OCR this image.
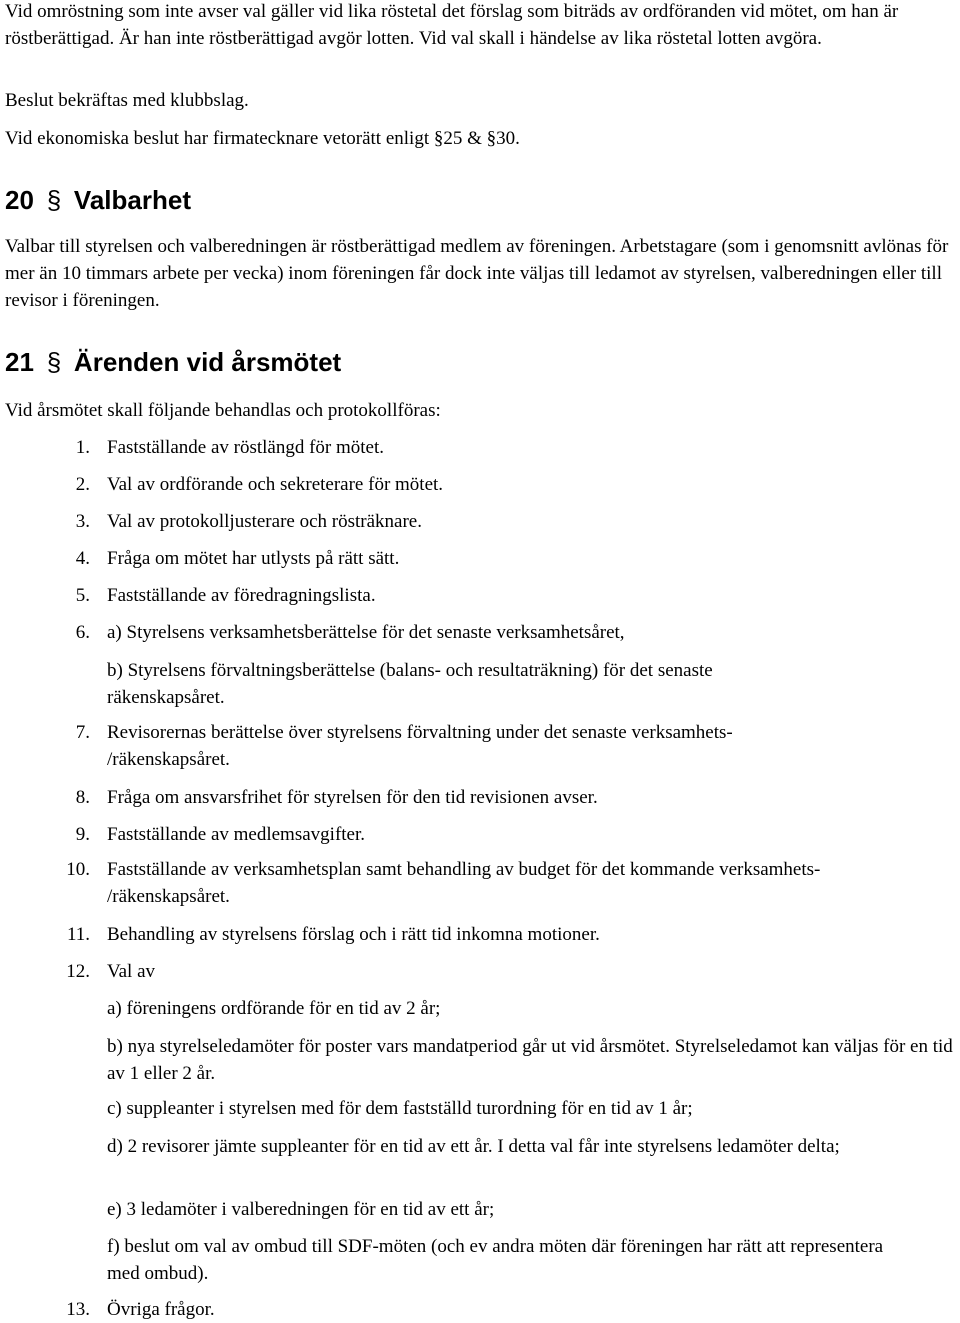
Vid omröstning som inte avser val gäller vid lika röstetal det förslag som biträds av ordföranden vid mötet, om han är röstberättigad. Är han inte röstberättigad avgör lotten. Vid val skall i händelse av lika röstetal lotten avgöra.

Beslut bekräftas med klubbslag.

Vid ekonomiska beslut har firmatecknare vetorätt enligt §25 & §30.

20 § Valbarhet

Valbar till styrelsen och valberedningen är röstberättigad medlem av föreningen. Arbetstagare (som i genomsnitt avlönas för mer än 10 timmars arbete per vecka) inom föreningen får dock inte väljas till ledamot av styrelsen, valberedningen eller till revisor i föreningen.

21 § Ärenden vid årsmötet

Vid årsmötet skall följande behandlas och protokollföras:

1. Fastställande av röstlängd för mötet.
2. Val av ordförande och sekreterare för mötet.
3. Val av protokolljusterare och rösträknare.
4. Fråga om mötet har utlysts på rätt sätt.
5. Fastställande av föredragningslista.
6. a) Styrelsens verksamhetsberättelse för det senaste verksamhetsåret,
b) Styrelsens förvaltningsberättelse (balans- och resultaträkning) för det senaste räkenskapsåret.
7. Revisorernas berättelse över styrelsens förvaltning under det senaste verksamhets- /räkenskapsåret.
8. Fråga om ansvarsfrihet för styrelsen för den tid revisionen avser.
9. Fastställande av medlemsavgifter.
10. Fastställande av verksamhetsplan samt behandling av budget för det kommande verksamhets- /räkenskapsåret.
11. Behandling av styrelsens förslag och i rätt tid inkomna motioner.
12. Val av
a) föreningens ordförande för en tid av 2 år;
b) nya styrelseledamöter för poster vars mandatperiod går ut vid årsmötet. Styrelseledamot kan väljas för en tid av 1 eller 2 år.
c) suppleanter i styrelsen med för dem fastställd turordning för en tid av 1 år;
d) 2 revisorer jämte suppleanter för en tid av ett år. I detta val får inte styrelsens ledamöter delta;
e) 3 ledamöter i valberedningen för en tid av ett år;
f) beslut om val av ombud till SDF-möten (och ev andra möten där föreningen har rätt att representera med ombud).
13. Övriga frågor.
